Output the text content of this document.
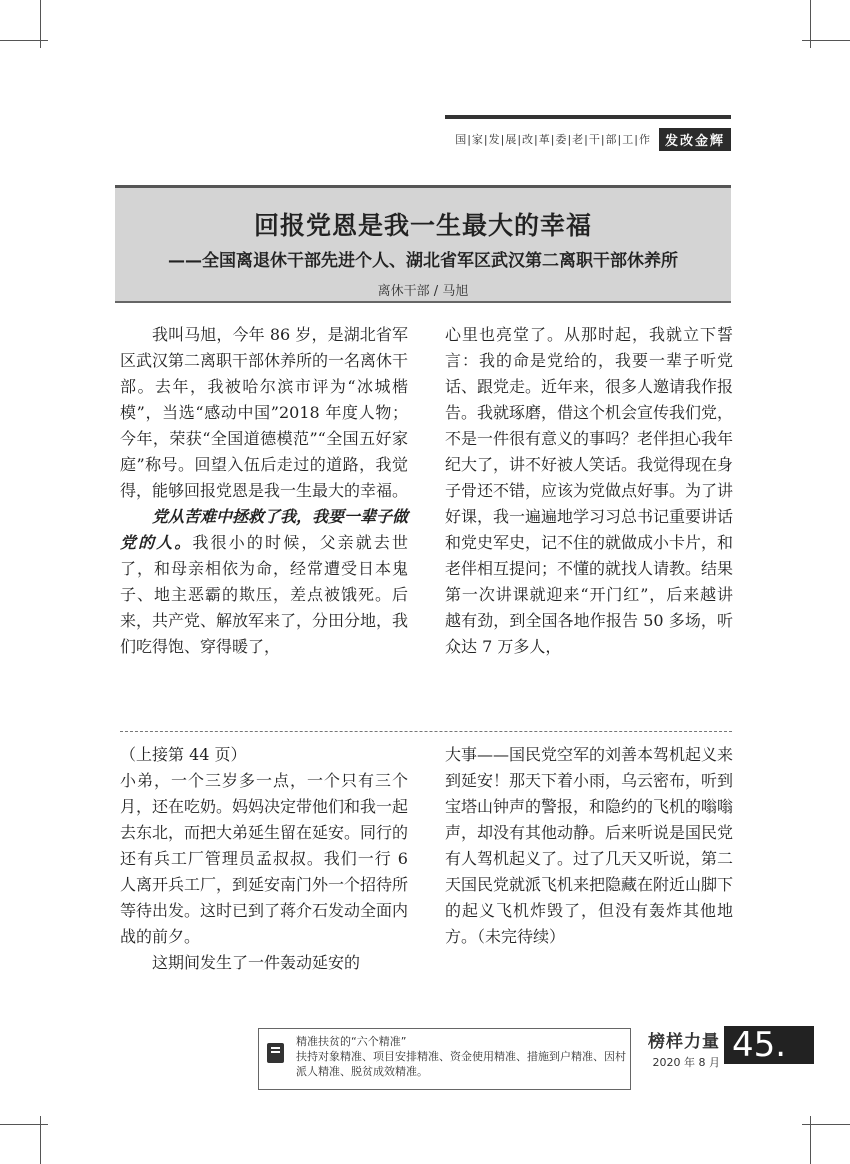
国|家|发|展|改|革|委|老|干|部|工|作	发改金辉
回报党恩是我一生最大的幸福
——全国离退休干部先进个人、湖北省军区武汉第二离职干部休养所
离休干部 / 马旭

我叫马旭，今年 86 岁，是湖北省军区武汉第二离职干部休养所的一名离休干部。去年，我被哈尔滨市评为“冰城楷模”，当选“感动中国”2018 年度人物；今年，荣获“全国道德模范”“全国五好家庭”称号。回望入伍后走过的道路，我觉得，能够回报党恩是我一生最大的幸福。

党从苦难中拯救了我，我要一辈子做党的人。我很小的时候，父亲就去世了，和母亲相依为命，经常遭受日本鬼子、地主恶霸的欺压，差点被饿死。后来，共产党、解放军来了，分田分地，我们吃得饱、穿得暖了，

心里也亮堂了。从那时起，我就立下誓言：我的命是党给的，我要一辈子听党话、跟党走。近年来，很多人邀请我作报告。我就琢磨，借这个机会宣传我们党，不是一件很有意义的事吗？老伴担心我年纪大了，讲不好被人笑话。我觉得现在身子骨还不错，应该为党做点好事。为了讲好课，我一遍遍地学习习总书记重要讲话和党史军史，记不住的就做成小卡片，和老伴相互提问；不懂的就找人请教。结果第一次讲课就迎来“开门红”，后来越讲越有劲，到全国各地作报告 50 多场，听众达 7 万多人，

（上接第 44 页）

小弟，一个三岁多一点，一个只有三个月，还在吃奶。妈妈决定带他们和我一起去东北，而把大弟延生留在延安。同行的还有兵工厂管理员孟叔叔。我们一行 6 人离开兵工厂，到延安南门外一个招待所等待出发。这时已到了蒋介石发动全面内战的前夕。

这期间发生了一件轰动延安的

大事——国民党空军的刘善本驾机起义来到延安！那天下着小雨，乌云密布，听到宝塔山钟声的警报，和隐约的飞机的嗡嗡声，却没有其他动静。后来听说是国民党有人驾机起义了。过了几天又听说，第二天国民党就派飞机来把隐藏在附近山脚下的起义飞机炸毁了，但没有轰炸其他地方。（未完待续）

精准扶贫的“六个精准”
扶持对象精准、项目安排精准、资金使用精准、措施到户精准、因村派人精准、脱贫成效精准。
榜样力量
2020 年 8 月 45.
